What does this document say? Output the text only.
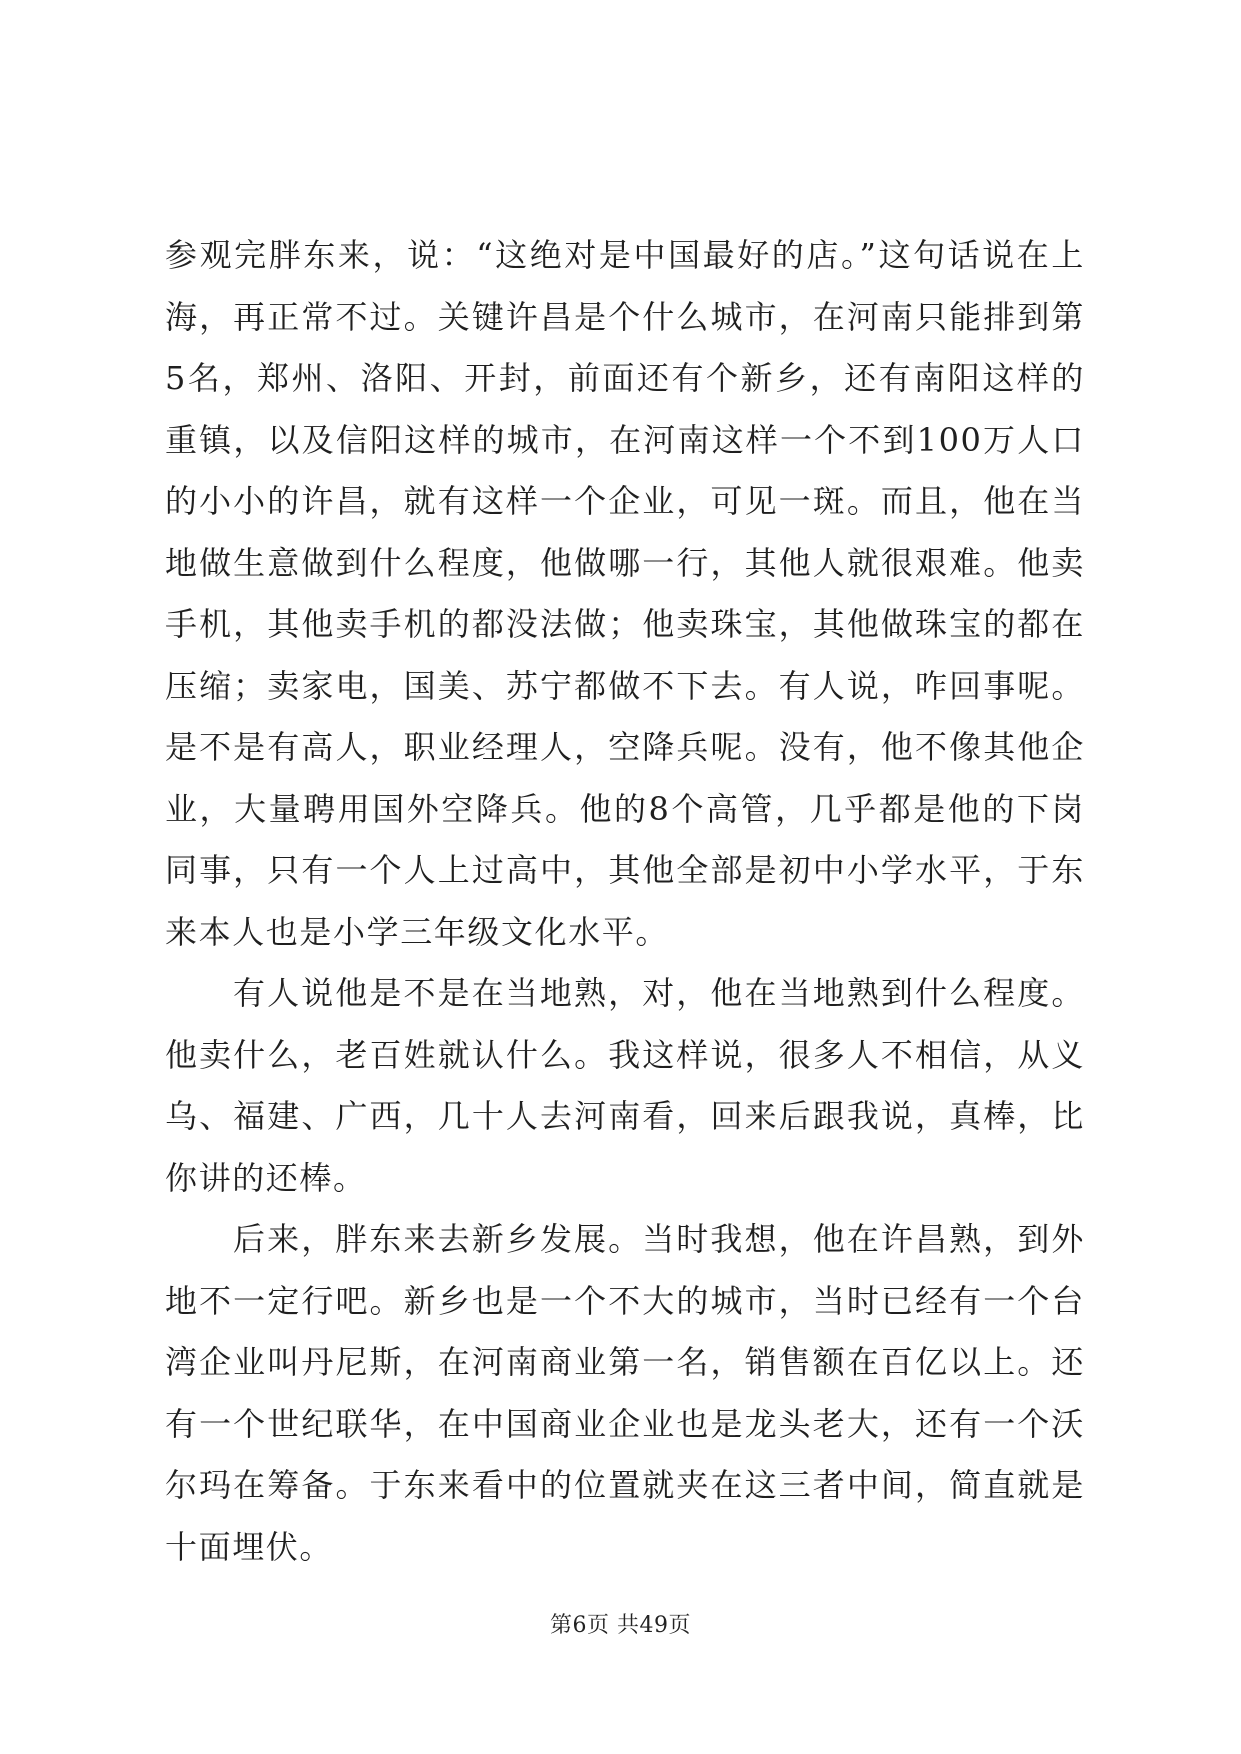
参观完胖东来，说：“这绝对是中国最好的店。”这句话说在上海，再正常不过。关键许昌是个什么城市，在河南只能排到第5名，郑州、洛阳、开封，前面还有个新乡，还有南阳这样的重镇，以及信阳这样的城市，在河南这样一个不到100万人口的小小的许昌，就有这样一个企业，可见一斑。而且，他在当地做生意做到什么程度，他做哪一行，其他人就很艰难。他卖手机，其他卖手机的都没法做；他卖珠宝，其他做珠宝的都在压缩；卖家电，国美、苏宁都做不下去。有人说，咋回事呢。是不是有高人，职业经理人，空降兵呢。没有，他不像其他企业，大量聘用国外空降兵。他的8个高管，几乎都是他的下岗同事，只有一个人上过高中，其他全部是初中小学水平，于东来本人也是小学三年级文化水平。

有人说他是不是在当地熟，对，他在当地熟到什么程度。他卖什么，老百姓就认什么。我这样说，很多人不相信，从义乌、福建、广西，几十人去河南看，回来后跟我说，真棒，比你讲的还棒。

后来，胖东来去新乡发展。当时我想，他在许昌熟，到外地不一定行吧。新乡也是一个不大的城市，当时已经有一个台湾企业叫丹尼斯，在河南商业第一名，销售额在百亿以上。还有一个世纪联华，在中国商业企业也是龙头老大，还有一个沃尔玛在筹备。于东来看中的位置就夹在这三者中间，简直就是十面埋伏。

第6页 共49页
